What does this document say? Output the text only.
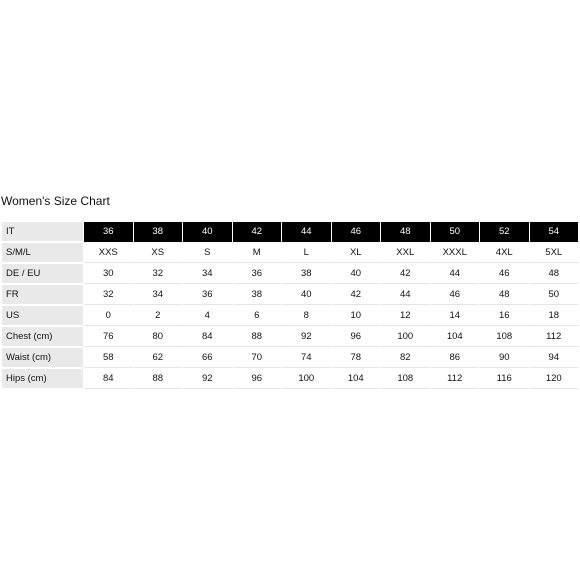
Women's Size Chart
IT	36	38	40	42	44	46	48	50	52	54
S/M/L	XXS	XS	S	M	L	XL	XXL	XXXL	4XL	5XL
DE / EU	30	32	34	36	38	40	42	44	46	48
FR	32	34	36	38	40	42	44	46	48	50
US	0	2	4	6	8	10	12	14	16	18
Chest (cm)	76	80	84	88	92	96	100	104	108	112
Waist (cm)	58	62	66	70	74	78	82	86	90	94
Hips (cm)	84	88	92	96	100	104	108	112	116	120
